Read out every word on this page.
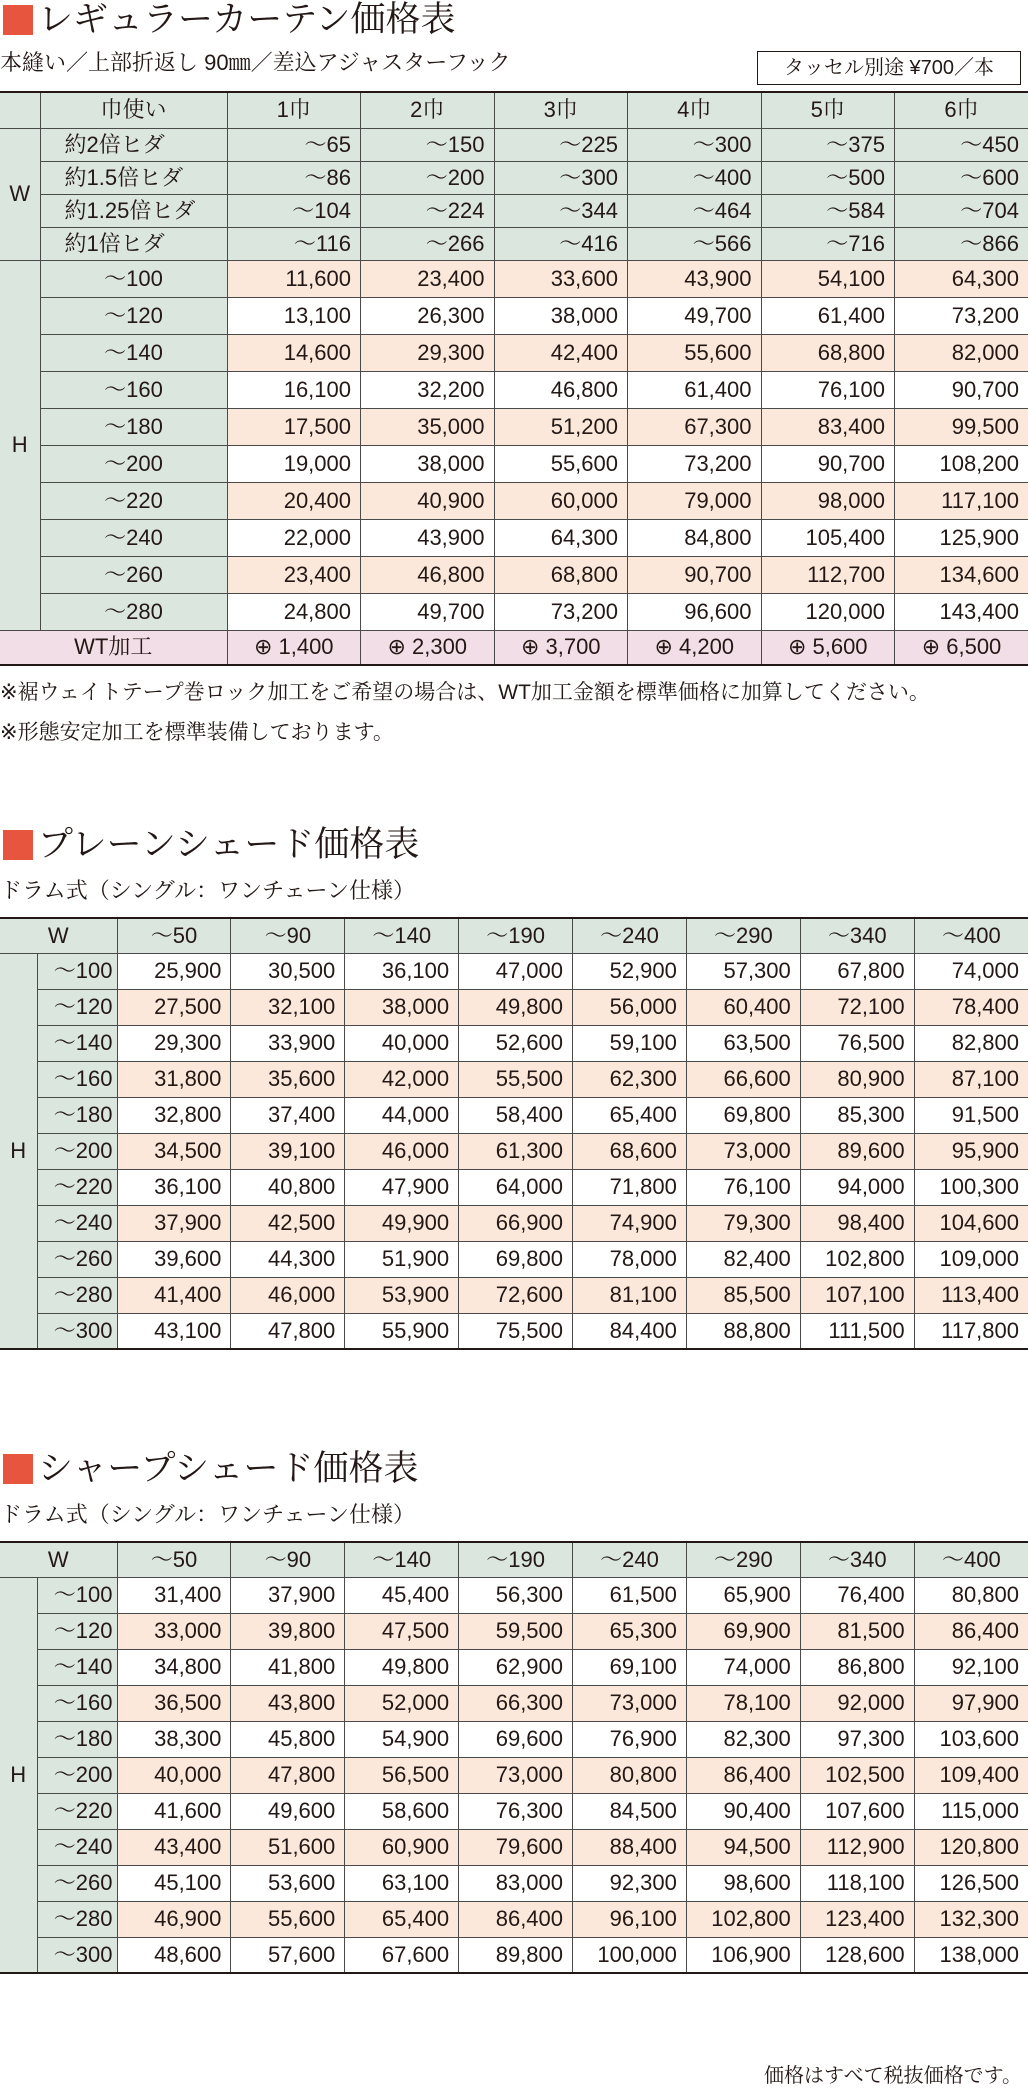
レギュラーカーテン価格表
本縫い／上部折返し 90㎜／差込アジャスターフック	タッセル別途 ¥700／本
	巾使い	1巾	2巾	3巾	4巾	5巾	6巾
W	約2倍ヒダ	～65	～150	～225	～300	～375	～450
	約1.5倍ヒダ	～86	～200	～300	～400	～500	～600
	約1.25倍ヒダ	～104	～224	～344	～464	～584	～704
	約1倍ヒダ	～116	～266	～416	～566	～716	～866
H	～100	11,600	23,400	33,600	43,900	54,100	64,300
	～120	13,100	26,300	38,000	49,700	61,400	73,200
	～140	14,600	29,300	42,400	55,600	68,800	82,000
	～160	16,100	32,200	46,800	61,400	76,100	90,700
	～180	17,500	35,000	51,200	67,300	83,400	99,500
	～200	19,000	38,000	55,600	73,200	90,700	108,200
	～220	20,400	40,900	60,000	79,000	98,000	117,100
	～240	22,000	43,900	64,300	84,800	105,400	125,900
	～260	23,400	46,800	68,800	90,700	112,700	134,600
	～280	24,800	49,700	73,200	96,600	120,000	143,400
WT加工		⊕ 1,400	⊕ 2,300	⊕ 3,700	⊕ 4,200	⊕ 5,600	⊕ 6,500
※裾ウェイトテープ巻ロック加工をご希望の場合は、WT加工金額を標準価格に加算してください。
※形態安定加工を標準装備しております。
プレーンシェード価格表
ドラム式（シングル：ワンチェーン仕様）
W		～50	～90	～140	～190	～240	～290	～340	～400
H	～100	25,900	30,500	36,100	47,000	52,900	57,300	67,800	74,000
	～120	27,500	32,100	38,000	49,800	56,000	60,400	72,100	78,400
	～140	29,300	33,900	40,000	52,600	59,100	63,500	76,500	82,800
	～160	31,800	35,600	42,000	55,500	62,300	66,600	80,900	87,100
	～180	32,800	37,400	44,000	58,400	65,400	69,800	85,300	91,500
	～200	34,500	39,100	46,000	61,300	68,600	73,000	89,600	95,900
	～220	36,100	40,800	47,900	64,000	71,800	76,100	94,000	100,300
	～240	37,900	42,500	49,900	66,900	74,900	79,300	98,400	104,600
	～260	39,600	44,300	51,900	69,800	78,000	82,400	102,800	109,000
	～280	41,400	46,000	53,900	72,600	81,100	85,500	107,100	113,400
	～300	43,100	47,800	55,900	75,500	84,400	88,800	111,500	117,800
シャープシェード価格表
ドラム式（シングル：ワンチェーン仕様）
W		～50	～90	～140	～190	～240	～290	～340	～400
H	～100	31,400	37,900	45,400	56,300	61,500	65,900	76,400	80,800
	～120	33,000	39,800	47,500	59,500	65,300	69,900	81,500	86,400
	～140	34,800	41,800	49,800	62,900	69,100	74,000	86,800	92,100
	～160	36,500	43,800	52,000	66,300	73,000	78,100	92,000	97,900
	～180	38,300	45,800	54,900	69,600	76,900	82,300	97,300	103,600
	～200	40,000	47,800	56,500	73,000	80,800	86,400	102,500	109,400
	～220	41,600	49,600	58,600	76,300	84,500	90,400	107,600	115,000
	～240	43,400	51,600	60,900	79,600	88,400	94,500	112,900	120,800
	～260	45,100	53,600	63,100	83,000	92,300	98,600	118,100	126,500
	～280	46,900	55,600	65,400	86,400	96,100	102,800	123,400	132,300
	～300	48,600	57,600	67,600	89,800	100,000	106,900	128,600	138,000
価格はすべて税抜価格です。
